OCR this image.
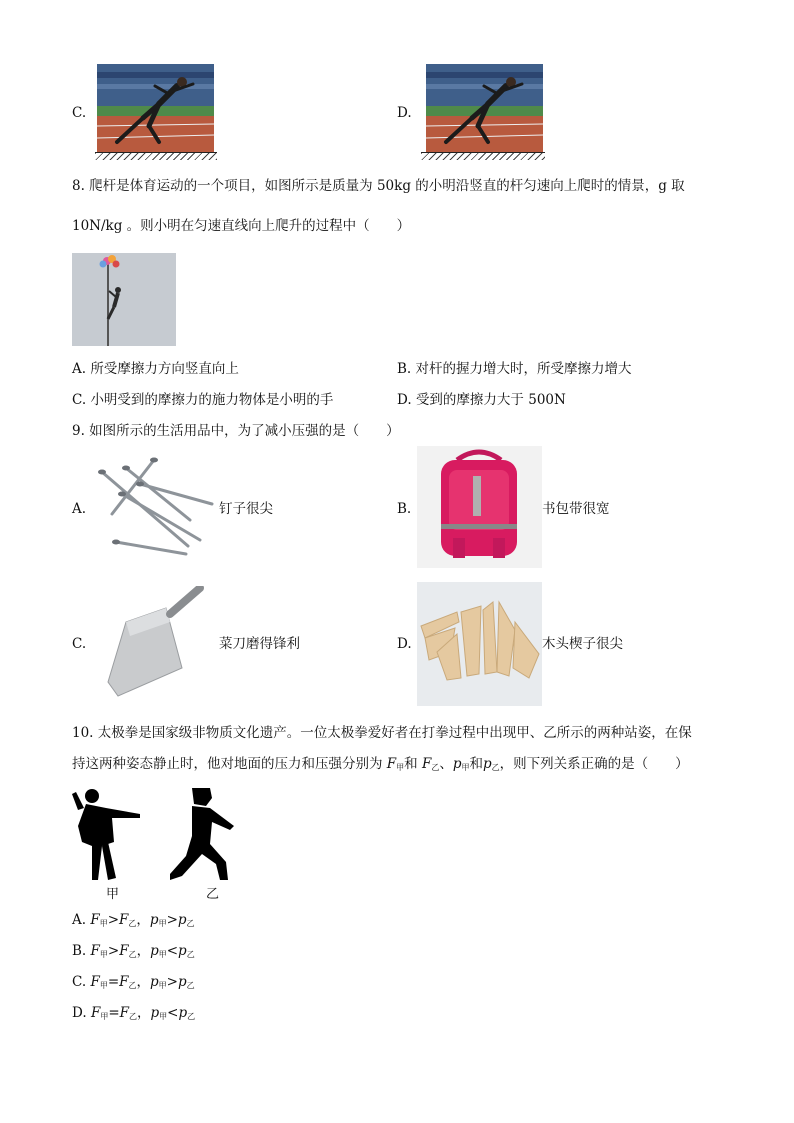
C.	D.
8. 爬杆是体育运动的一个项目，如图所示是质量为 50kg 的小明沿竖直的杆匀速向上爬时的情景，g 取
10N/kg 。则小明在匀速直线向上爬升的过程中（　　）
A. 所受摩擦力方向竖直向上	B. 对杆的握力增大时，所受摩擦力增大
C. 小明受到的摩擦力的施力物体是小明的手	D. 受到的摩擦力大于 500N
9. 如图所示的生活用品中，为了减小压强的是（　　）
A.	钉子很尖	B.	书包带很宽
C.	菜刀磨得锋利	D.	木头楔子很尖
10. 太极拳是国家级非物质文化遗产。一位太极拳爱好者在打拳过程中出现甲、乙所示的两种站姿，在保
持这两种姿态静止时，他对地面的压力和压强分别为 $F_甲$和 $F_乙$、$p_甲$和$p_乙$，则下列关系正确的是（　　）
甲	乙
A. $F_甲>F_乙$，$p_甲>p_乙$
B. $F_甲>F_乙$，$p_甲<p_乙$
C. $F_甲=F_乙$，$p_甲>p_乙$
D. $F_甲=F_乙$，$p_甲<p_乙$
